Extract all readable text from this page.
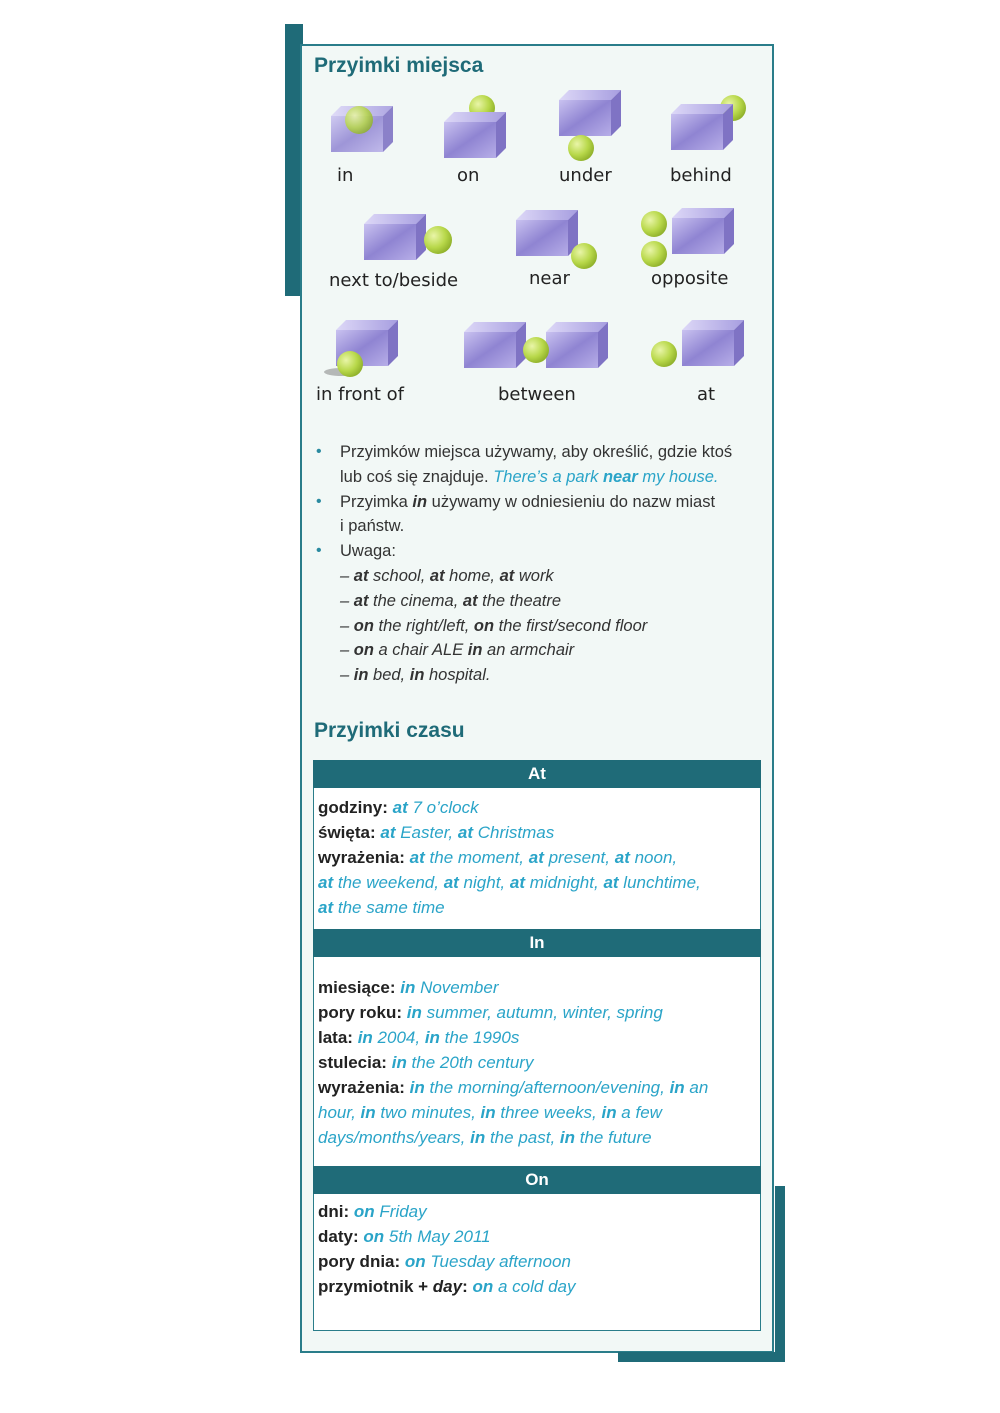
Przyimki miejsca
in	on	under	behind
next to/beside	near	opposite
in front of	between	at
• Przyimków miejsca używamy, aby określić, gdzie ktoś
lub coś się znajduje. There’s a park near my house.
• Przyimka in używamy w odniesieniu do nazw miast
i państw.
• Uwaga:
– at school, at home, at work
– at the cinema, at the theatre
– on the right/left, on the first/second floor
– on a chair ALE in an armchair
– in bed, in hospital.
Przyimki czasu
At
godziny: at 7 o’clock
święta: at Easter, at Christmas
wyrażenia: at the moment, at present, at noon,
at the weekend, at night, at midnight, at lunchtime,
at the same time
In
miesiące: in November
pory roku: in summer, autumn, winter, spring
lata: in 2004, in the 1990s
stulecia: in the 20th century
wyrażenia: in the morning/afternoon/evening, in an
hour, in two minutes, in three weeks, in a few
days/months/years, in the past, in the future
On
dni: on Friday
daty: on 5th May 2011
pory dnia: on Tuesday afternoon
przymiotnik + day: on a cold day
